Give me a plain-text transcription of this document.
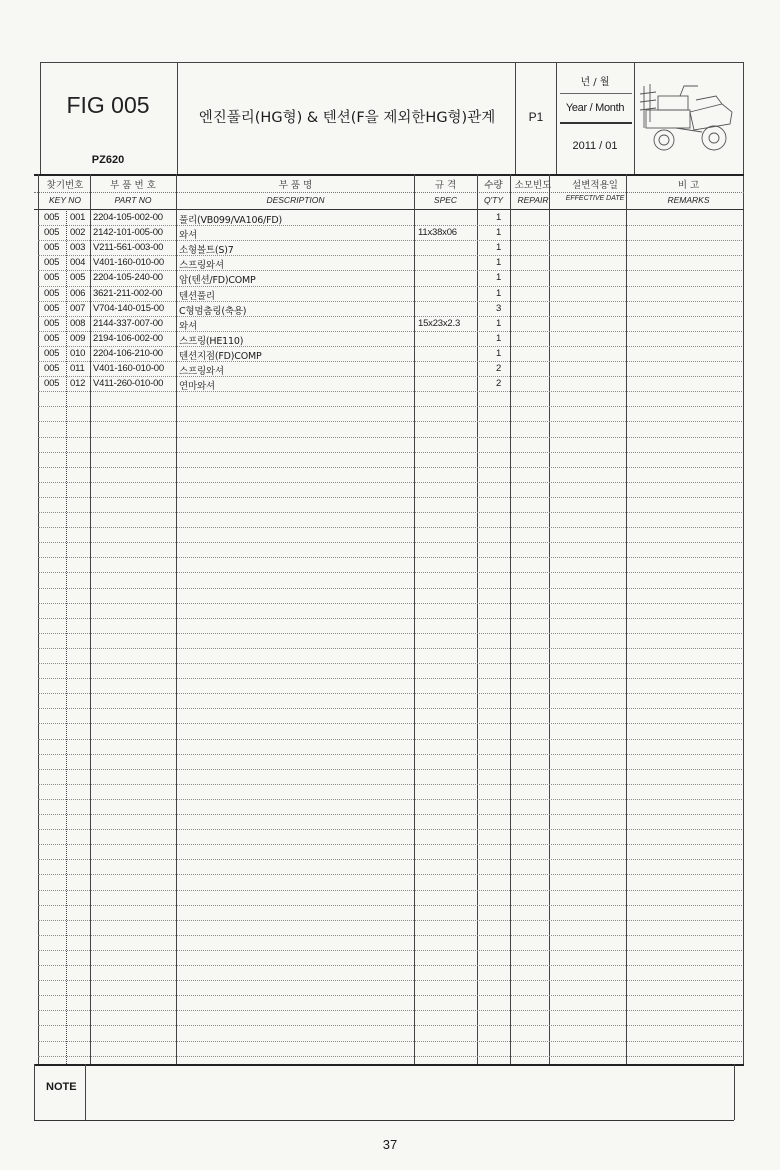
FIG 005
PZ620
엔진풀리(HG형) & 텐션(F을 제외한HG형)관계	P1
년 / 월
Year / Month
2011 / 01
찾기번호
KEY NO
부 품 번 호
PART NO
부 품 명
DESCRIPTION
규 격
SPEC
수량
Q'TY
소모빈도
REPAIR
설변적용일
EFFECTIVE DATE
비 고
REMARKS
005 001 2204-105-002-00 풀리(VB099/VA106/FD)	1
005 002 2142-101-005-00 와셔	11x38x06	1
005 003 V211-561-003-00 소형볼트(S)7	1
005 004 V401-160-010-00 스프링와셔	1
005 005 2204-105-240-00 암(텐션/FD)COMP	1
005 006 3621-211-002-00 텐션풀리	1
005 007 V704-140-015-00 C형멈춤링(축용)	3
005 008 2144-337-007-00 와셔	15x23x2.3	1
005 009 2194-106-002-00 스프링(HE110)	1
005 010 2204-106-210-00 텐션지점(FD)COMP	1
005 011 V401-160-010-00 스프링와셔	2
005 012 V411-260-010-00 연마와셔	2
NOTE
37
